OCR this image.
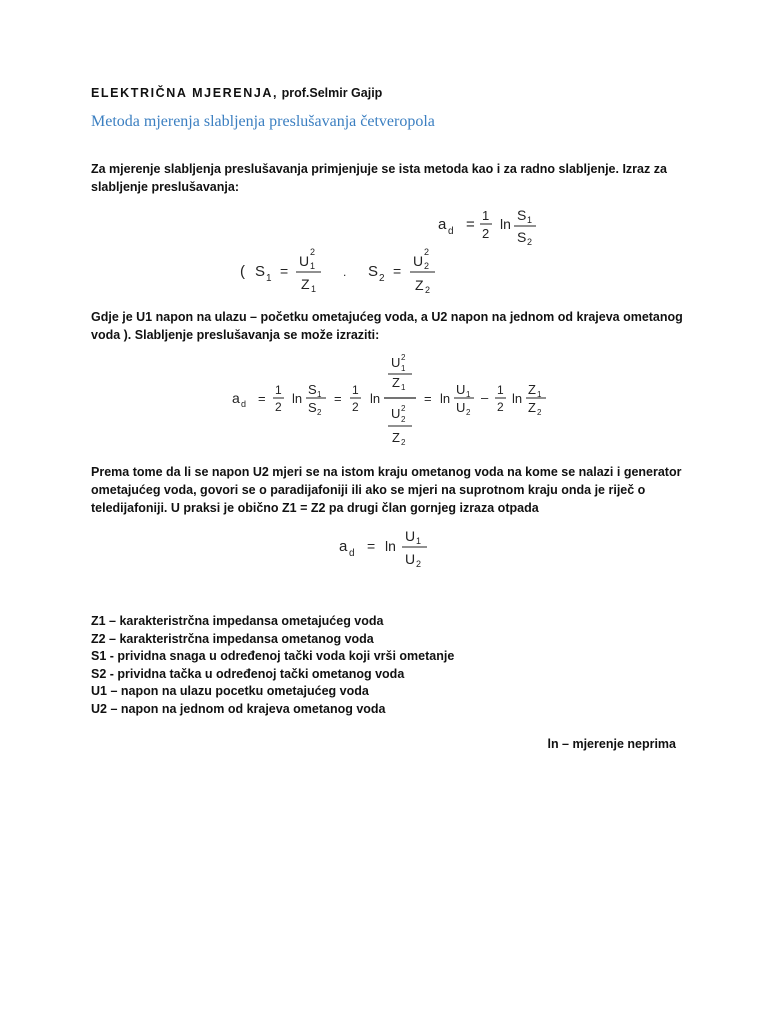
ELEKTRIČNA MJERENJA, prof.Selmir Gajip
Metoda mjerenja slabljenja preslušavanja četveropola

Za mjerenje slabljenja preslušavanja primjenjuje se ista metoda kao i za radno slabljenje. Izraz za slabljenje preslušavanja:

a d =
1
2
ln
S 1
S 2
( S 1 =
U
2
1
Z 1
. S 2 =
U
2
2
Z 2

Gdje je U1 napon na ulazu – početku ometajućeg voda, a U2 napon na jednom od krajeva ometanog voda ). Slabljenje preslušavanja se može izraziti:

a d =
1
2
ln
S 1
S 2
=
1
2
ln
U 2
1
Z 1
U 2
2
Z 2
= ln
U 1
U 2
– 1
2
ln
Z 1
Z 2

Prema tome da li se napon U2 mjeri se na istom kraju ometanog voda na kome se nalazi i generator ometajućeg voda, govori se o paradijafoniji ili ako se mjeri na suprotnom kraju onda je riječ o teledijafoniji. U praksi je obično Z1 = Z2 pa drugi član gornjeg izraza otpada

a d = ln
U 1
U 2
Z1 – karakteristrčna impedansa ometajućeg voda
Z2 – karakteristrčna impedansa ometanog voda
S1 - prividna snaga u određenoj tački voda koji vrši ometanje
S2 - prividna tačka u određenoj tački ometanog voda
U1 – napon na ulazu pocetku ometajućeg voda
U2 – napon na jednom od krajeva ometanog voda
ln – mjerenje neprima
